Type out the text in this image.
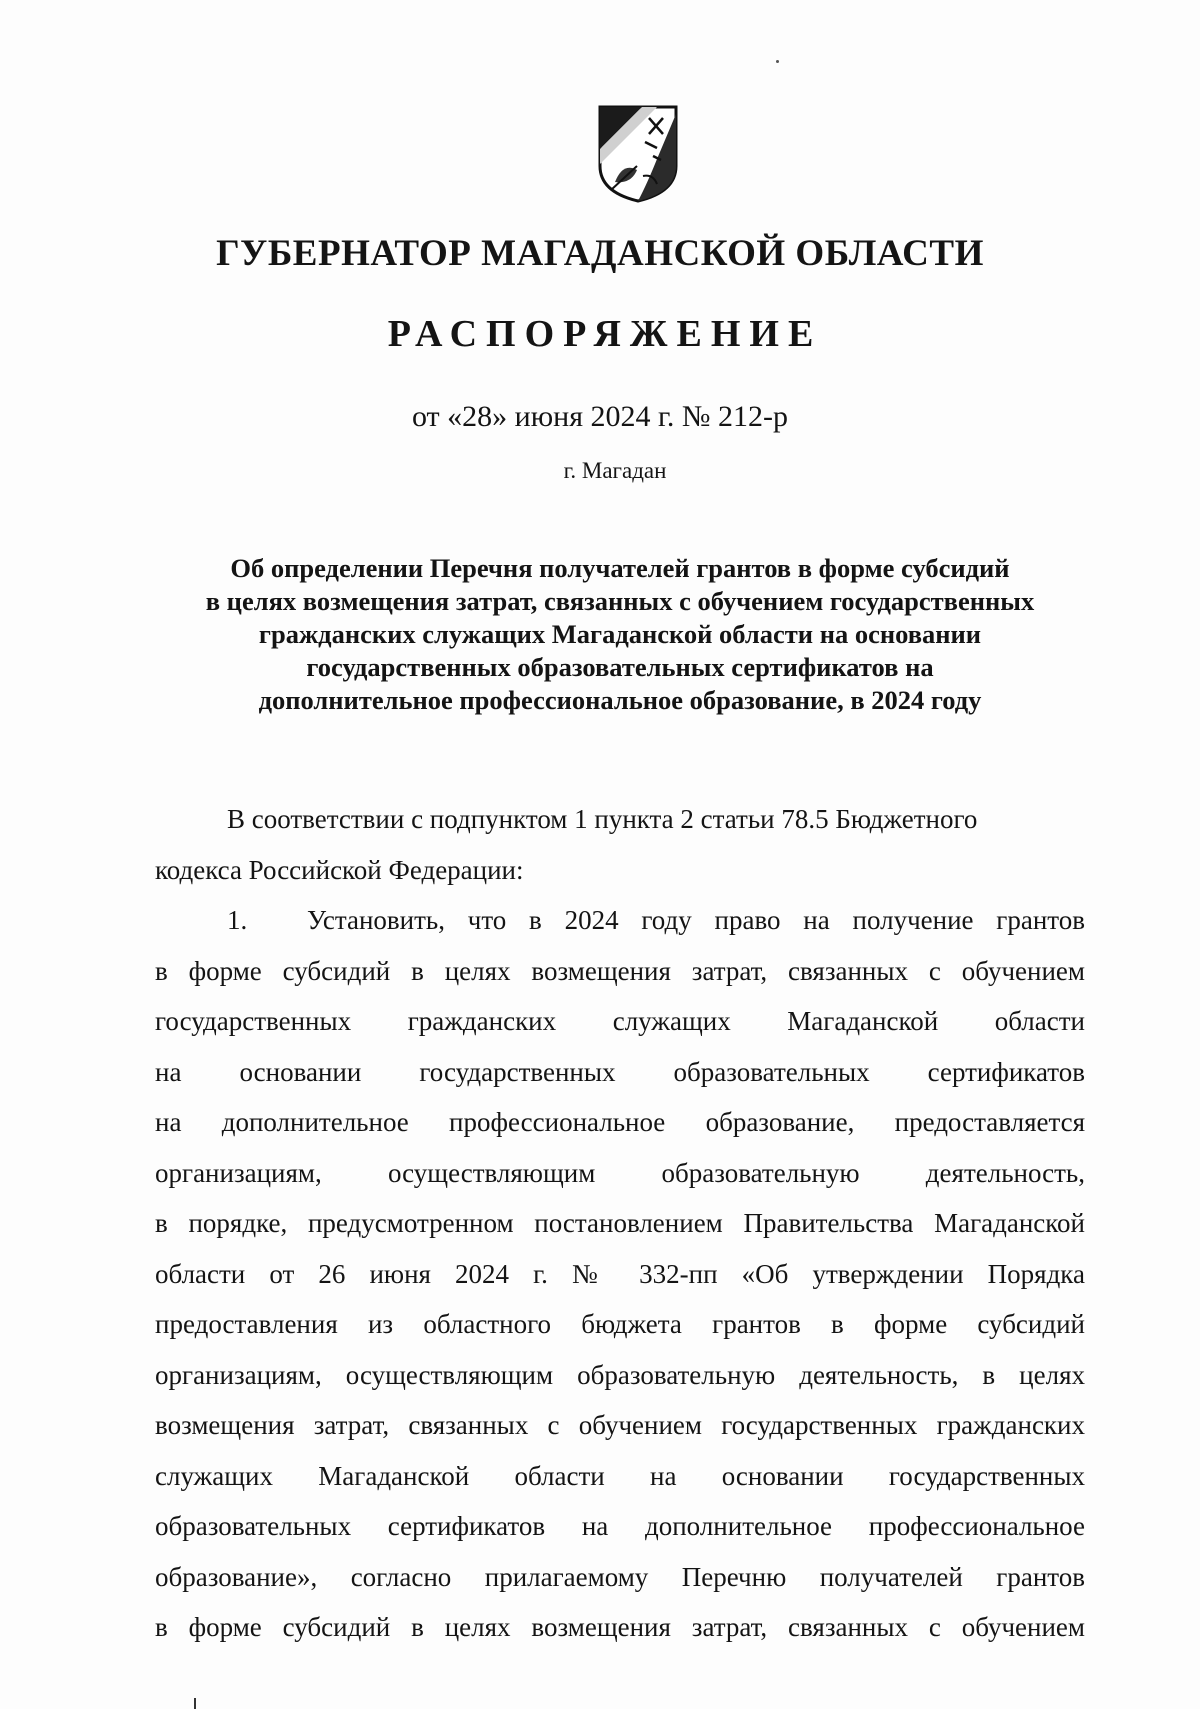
ГУБЕРНАТОР МАГАДАНСКОЙ ОБЛАСТИ
РАСПОРЯЖЕНИЕ
от «28» июня 2024 г. № 212-р
г. Магадан
Об определении Перечня получателей грантов в форме субсидий
в целях возмещения затрат, связанных с обучением государственных
гражданских служащих Магаданской области на основании
государственных образовательных сертификатов на
дополнительное профессиональное образование, в 2024 году
В соответствии с подпунктом 1 пункта 2 статьи 78.5 Бюджетного
кодекса Российской Федерации:
1.	Установить, что в 2024 году право на получение грантов
в форме субсидий в целях возмещения затрат, связанных с обучением
государственных гражданских служащих Магаданской области
на основании государственных образовательных сертификатов
на дополнительное профессиональное образование, предоставляется
организациям, осуществляющим образовательную деятельность,
в порядке, предусмотренном постановлением Правительства Магаданской
области от 26 июня 2024 г. № 332-пп «Об утверждении Порядка
предоставления из областного бюджета грантов в форме субсидий
организациям, осуществляющим образовательную деятельность, в целях
возмещения затрат, связанных с обучением государственных гражданских
служащих Магаданской области на основании государственных
образовательных сертификатов на дополнительное профессиональное
образование», согласно прилагаемому Перечню получателей грантов
в форме субсидий в целях возмещения затрат, связанных с обучением
